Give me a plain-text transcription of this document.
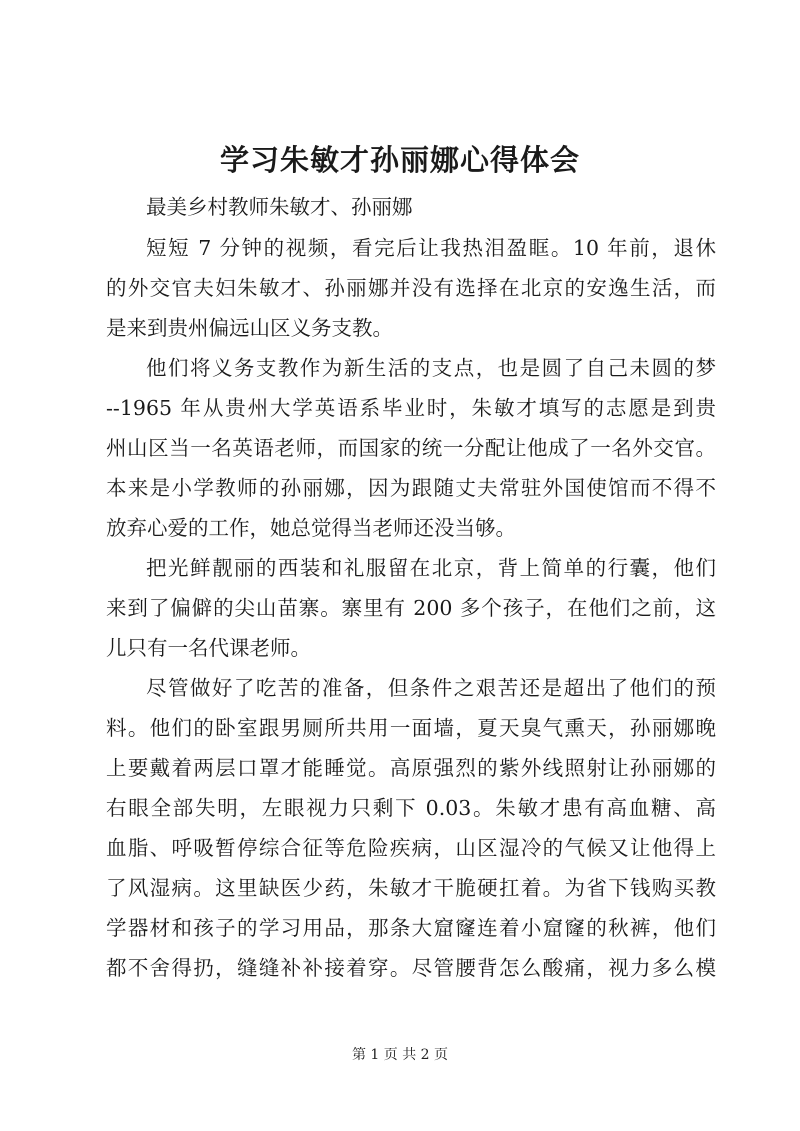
学习朱敏才孙丽娜心得体会
最美乡村教师朱敏才、孙丽娜
短短 7 分钟的视频，看完后让我热泪盈眶。10 年前，退休
的外交官夫妇朱敏才、孙丽娜并没有选择在北京的安逸生活，而
是来到贵州偏远山区义务支教。
他们将义务支教作为新生活的支点，也是圆了自己未圆的梦
--1965 年从贵州大学英语系毕业时，朱敏才填写的志愿是到贵
州山区当一名英语老师，而国家的统一分配让他成了一名外交官。
本来是小学教师的孙丽娜，因为跟随丈夫常驻外国使馆而不得不
放弃心爱的工作，她总觉得当老师还没当够。
把光鲜靓丽的西装和礼服留在北京，背上简单的行囊，他们
来到了偏僻的尖山苗寨。寨里有 200 多个孩子，在他们之前，这
儿只有一名代课老师。
尽管做好了吃苦的准备，但条件之艰苦还是超出了他们的预
料。他们的卧室跟男厕所共用一面墙，夏天臭气熏天，孙丽娜晚
上要戴着两层口罩才能睡觉。高原强烈的紫外线照射让孙丽娜的
右眼全部失明，左眼视力只剩下 0.03。朱敏才患有高血糖、高
血脂、呼吸暂停综合征等危险疾病，山区湿冷的气候又让他得上
了风湿病。这里缺医少药，朱敏才干脆硬扛着。为省下钱购买教
学器材和孩子的学习用品，那条大窟窿连着小窟窿的秋裤，他们
都不舍得扔，缝缝补补接着穿。尽管腰背怎么酸痛，视力多么模
第 1 页 共 2 页
